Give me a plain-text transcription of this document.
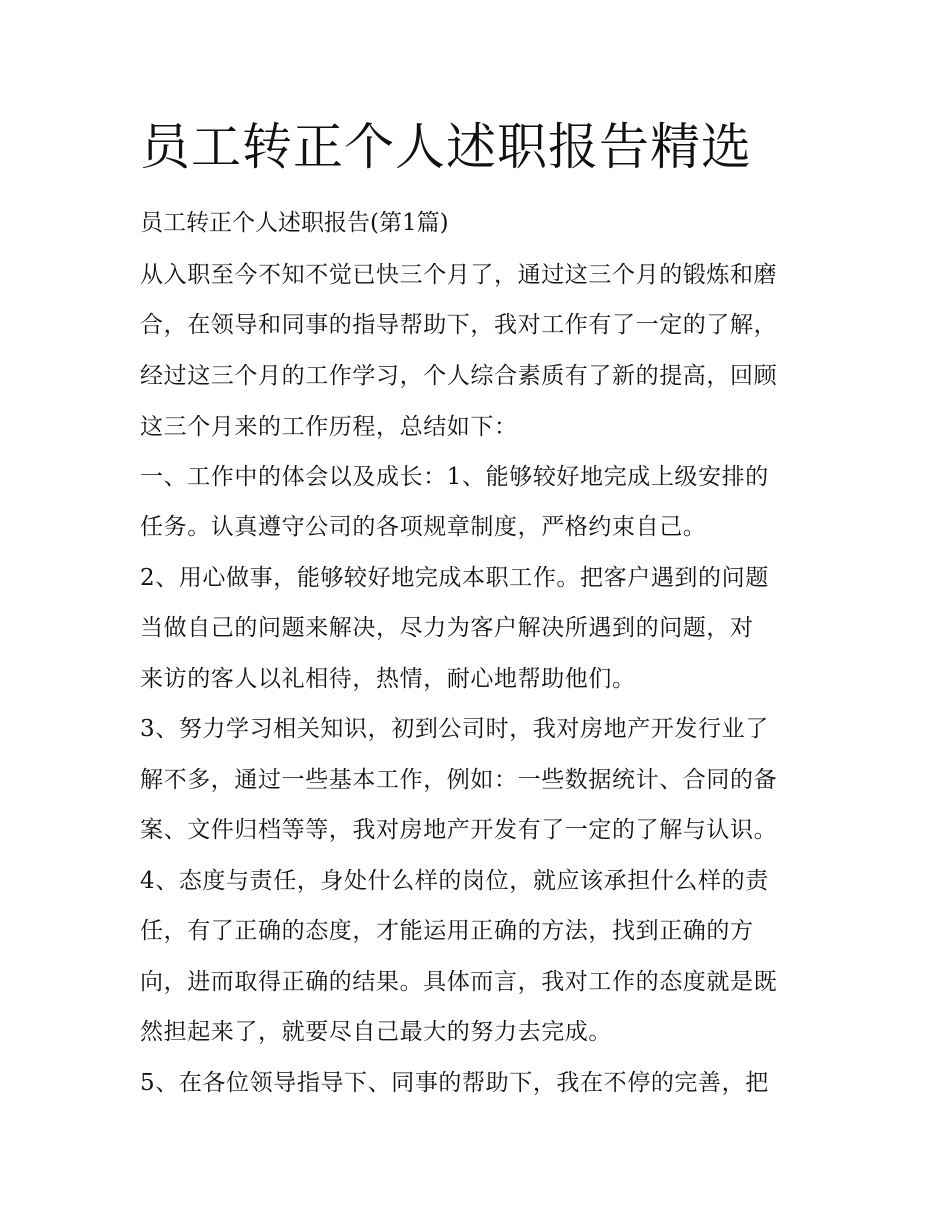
员工转正个人述职报告精选
员工转正个人述职报告(第1篇)
从入职至今不知不觉已快三个月了，通过这三个月的锻炼和磨
合，在领导和同事的指导帮助下，我对工作有了一定的了解，
经过这三个月的工作学习，个人综合素质有了新的提高，回顾
这三个月来的工作历程，总结如下：
一、工作中的体会以及成长：1、能够较好地完成上级安排的
任务。认真遵守公司的各项规章制度，严格约束自己。
2、用心做事，能够较好地完成本职工作。把客户遇到的问题
当做自己的问题来解决，尽力为客户解决所遇到的问题，对
来访的客人以礼相待，热情，耐心地帮助他们。
3、努力学习相关知识，初到公司时，我对房地产开发行业了
解不多，通过一些基本工作，例如：一些数据统计、合同的备
案、文件归档等等，我对房地产开发有了一定的了解与认识。
4、态度与责任，身处什么样的岗位，就应该承担什么样的责
任，有了正确的态度，才能运用正确的方法，找到正确的方
向，进而取得正确的结果。具体而言，我对工作的态度就是既
然担起来了，就要尽自己最大的努力去完成。
5、在各位领导指导下、同事的帮助下，我在不停的完善，把
